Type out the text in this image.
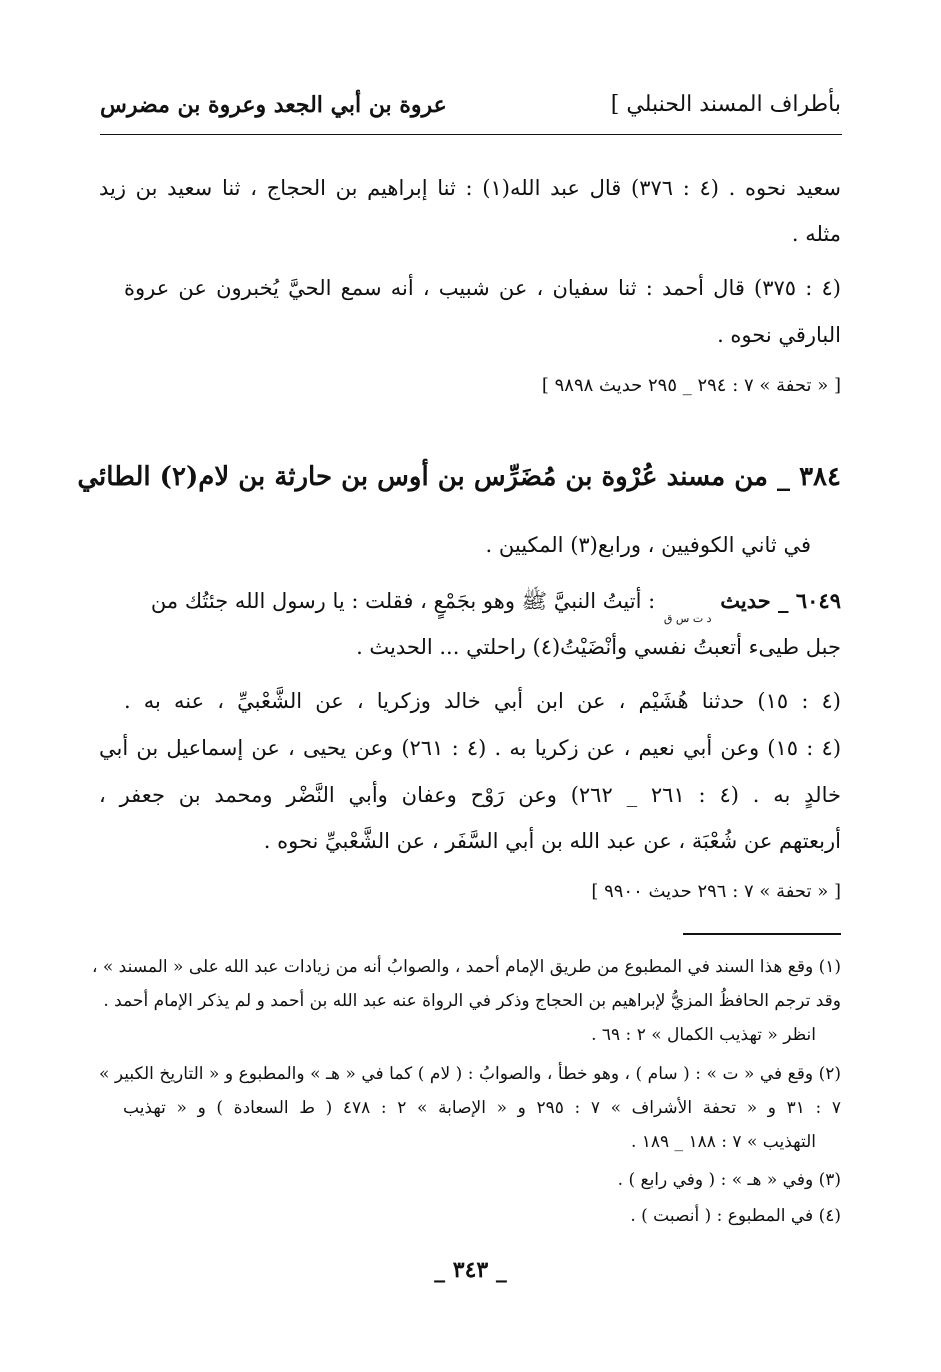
بأطراف المسند الحنبلي ]
عروة بن أبي الجعد وعروة بن مضرس
سعيد نحوه . (٤ : ٣٧٦) قال عبد الله(١) : ثنا إبراهيم بن الحجاج ، ثنا سعيد بن زيد
مثله .
(٤ : ٣٧٥) قال أحمد : ثنا سفيان ، عن شبيب ، أنه سمع الحيَّ يُخبرون عن عروة
البارقي نحوه .
[ « تحفة » ٧ : ٢٩٤ _ ٢٩٥ حديث ٩٨٩٨ ]
٣٨٤ _ من مسند عُرْوة بن مُضَرِّس بن أوس بن حارثة بن لام(٢) الطائي
في ثاني الكوفيين ، ورابع(٣) المكيين .
٦٠٤٩ _ حديث $_{د ت س ق}$ : أتيتُ النبيَّ ﷺ وهو بجَمْعٍ ، فقلت : يا رسول الله جئتُك من
جبل طيىء أتعبتُ نفسي وأنْضَيْتُ(٤) راحلتي ... الحديث .
(٤ : ١٥) حدثنا هُشَيْم ، عن ابن أبي خالد وزكريا ، عن الشَّعْبيِّ ، عنه به .
(٤ : ١٥) وعن أبي نعيم ، عن زكريا به . (٤ : ٢٦١) وعن يحيى ، عن إسماعيل بن أبي
خالدٍ به . (٤ : ٢٦١ _ ٢٦٢) وعن رَوْح وعفان وأبي النَّضْر ومحمد بن جعفر ،
أربعتهم عن شُعْبَة ، عن عبد الله بن أبي السَّفَر ، عن الشَّعْبيِّ نحوه .
[ « تحفة » ٧ : ٢٩٦ حديث ٩٩٠٠ ]
(١) وقع هذا السند في المطبوع من طريق الإمام أحمد ، والصوابُ أنه من زيادات عبد الله على « المسند » ،
وقد ترجم الحافظُ المزيُّ لإبراهيم بن الحجاج وذكر في الرواة عنه عبد الله بن أحمد و لم يذكر الإمام أحمد .
انظر « تهذيب الكمال » ٢ : ٦٩ .
(٢) وقع في « ت » : ( سام ) ، وهو خطأ ، والصوابُ : ( لام ) كما في « هـ » والمطبوع و « التاريخ الكبير »
٧ : ٣١ و « تحفة الأشراف » ٧ : ٢٩٥ و « الإصابة » ٢ : ٤٧٨ ( ط السعادة ) و « تهذيب
التهذيب » ٧ : ١٨٨ _ ١٨٩ .
(٣) وفي « هـ » : ( وفي رابع ) .
(٤) في المطبوع : ( أنصبت ) .
_ ٣٤٣ _
